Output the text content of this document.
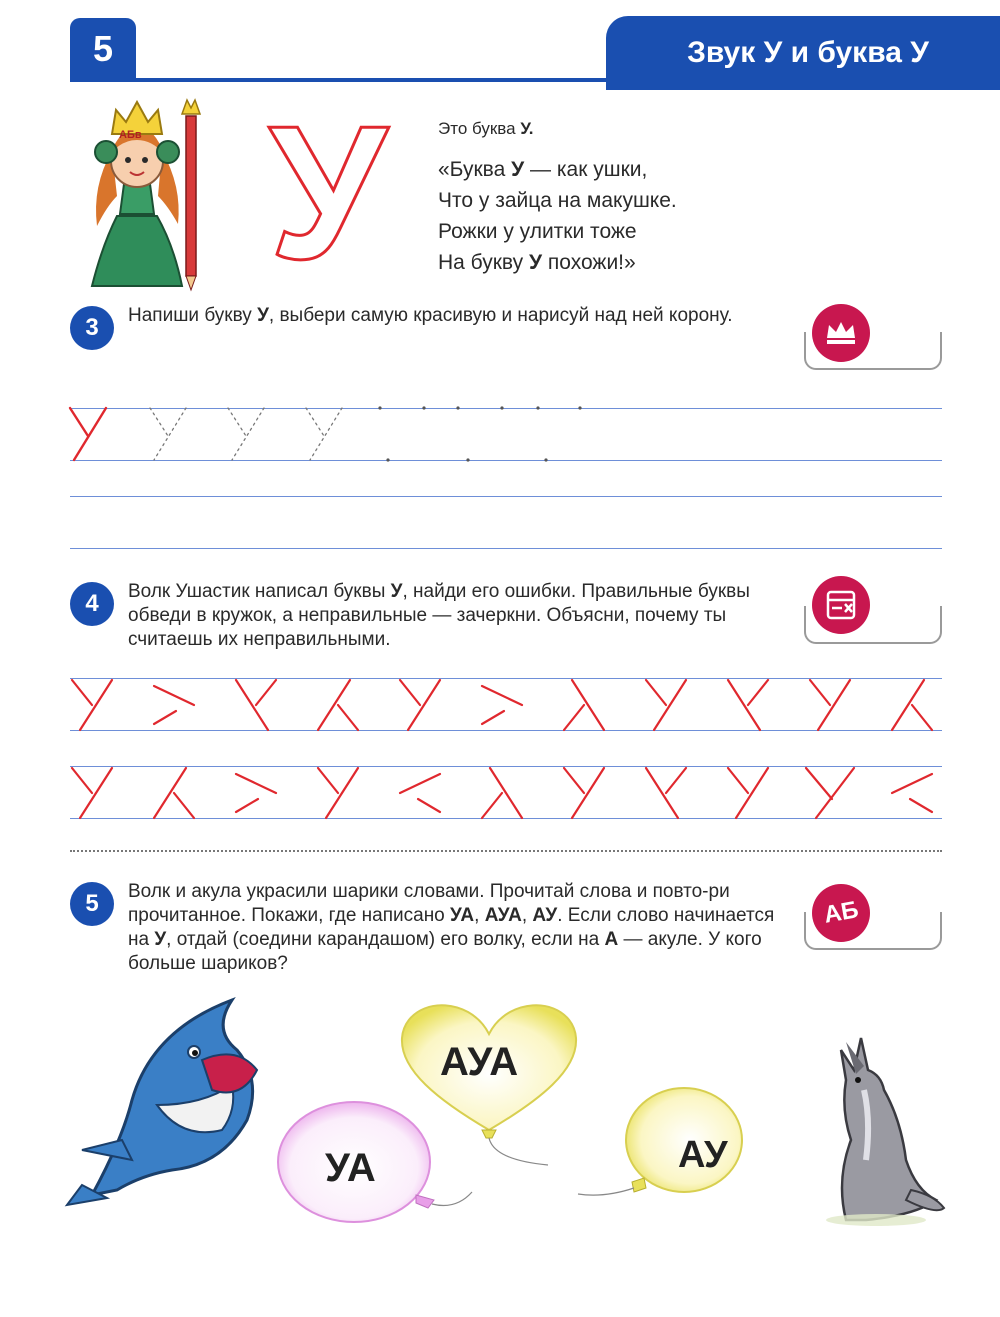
5	Звук У и буква У
АБв У	Это буква У.
«Буква У — как ушки,
Что у зайца на макушке.
Рожки у улитки тоже
На букву У похожи!»
3	Напиши букву У, выбери самую красивую и нарисуй над ней корону.
4	Волк Ушастик написал буквы У, найди его ошибки. Правильные буквы обведи в кружок, а неправильные — зачеркни. Объясни, почему ты считаешь их неправильными.
5	Волк и акула украсили шарики словами. Прочитай слова и повто-ри прочитанное. Покажи, где написано УА, АУА, АУ. Если слово начинается на У, отдай (соедини карандашом) его волку, если на А — акуле. У кого больше шариков?
АБ
АУА
УА	АУ
